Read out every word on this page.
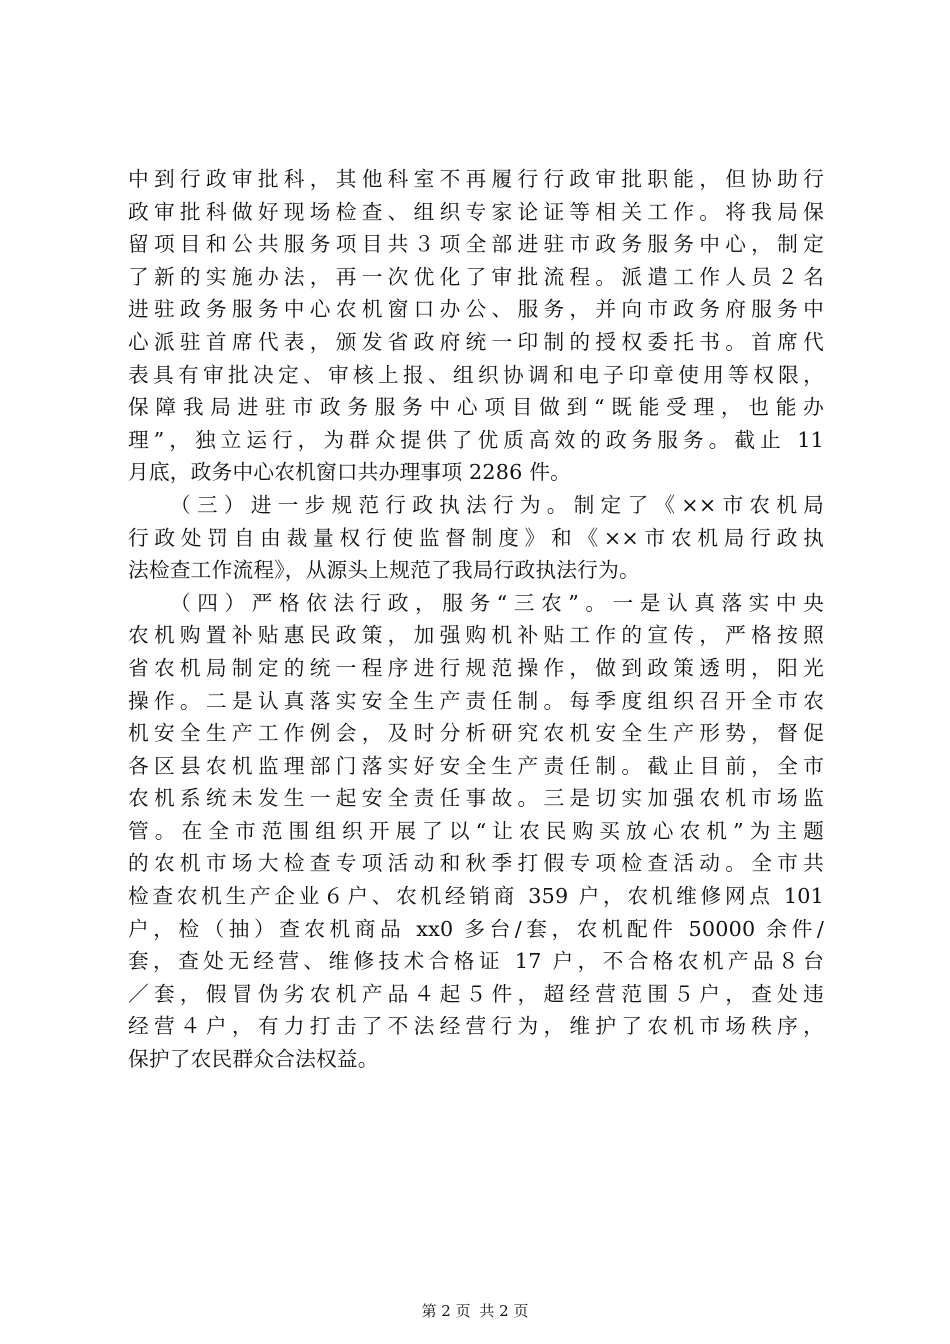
中到行政审批科，其他科室不再履行行政审批职能，但协助行
政审批科做好现场检查、组织专家论证等相关工作。将我局保
留项目和公共服务项目共３项全部进驻市政务服务中心，制定
了新的实施办法，再一次优化了审批流程。派遣工作人员２名
进驻政务服务中心农机窗口办公、服务，并向市政务府服务中
心派驻首席代表，颁发省政府统一印制的授权委托书。首席代
表具有审批决定、审核上报、组织协调和电子印章使用等权限，
保障我局进驻市政务服务中心项目做到“既能受理，也能办
理”，独立运行，为群众提供了优质高效的政务服务。截止 11
月底，政务中心农机窗口共办理事项 2286 件。
（三）进一步规范行政执法行为。制定了《××市农机局
行政处罚自由裁量权行使监督制度》和《××市农机局行政执
法检查工作流程》，从源头上规范了我局行政执法行为。
（四）严格依法行政，服务“三农”。一是认真落实中央
农机购置补贴惠民政策，加强购机补贴工作的宣传，严格按照
省农机局制定的统一程序进行规范操作，做到政策透明，阳光
操作。二是认真落实安全生产责任制。每季度组织召开全市农
机安全生产工作例会，及时分析研究农机安全生产形势，督促
各区县农机监理部门落实好安全生产责任制。截止目前，全市
农机系统未发生一起安全责任事故。三是切实加强农机市场监
管。在全市范围组织开展了以“让农民购买放心农机”为主题
的农机市场大检查专项活动和秋季打假专项检查活动。全市共
检查农机生产企业６户、农机经销商 359 户，农机维修网点 101
户，检（抽）查农机商品 xx0 多台/套，农机配件 50000 余件/
套，查处无经营、维修技术合格证 17 户，不合格农机产品８台
／套，假冒伪劣农机产品４起５件，超经营范围５户，查处违
经营４户，有力打击了不法经营行为，维护了农机市场秩序，
保护了农民群众合法权益。
第 2 页 共 2 页
